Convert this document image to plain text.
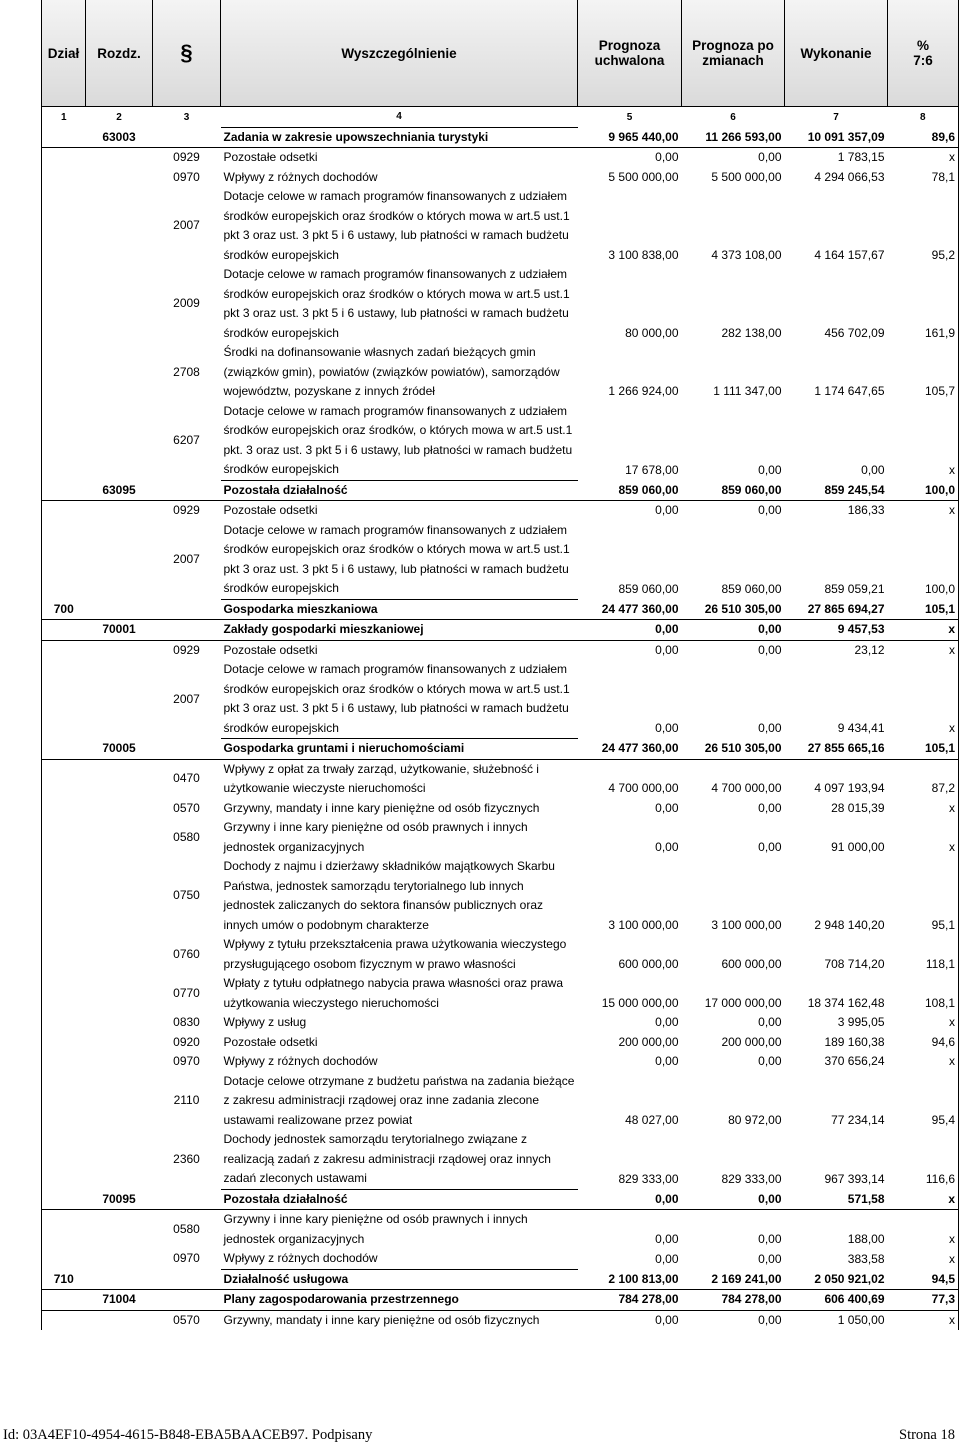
Dział	Rozdz.	§	Wyszczególnienie	Prognoza uchwalona	Prognoza po zmianach	Wykonanie	%
7:6

1	2	3	4	5	6	7	8
	63003		Zadania w zakresie upowszechniania turystyki	9 965 440,00	11 266 593,00	10 091 357,09	89,6
		0929	Pozostałe odsetki	0,00	0,00	1 783,15	x
		0970	Wpływy z różnych dochodów	5 500 000,00	5 500 000,00	4 294 066,53	78,1
		2007	Dotacje celowe w ramach programów finansowanych z udziałem środków europejskich oraz środków o których mowa w art.5 ust.1 pkt 3 oraz ust. 3 pkt 5 i 6 ustawy, lub płatności w ramach budżetu środków europejskich	3 100 838,00	4 373 108,00	4 164 157,67	95,2
		2009	Dotacje celowe w ramach programów finansowanych z udziałem środków europejskich oraz środków o których mowa w art.5 ust.1 pkt 3 oraz ust. 3 pkt 5 i 6 ustawy, lub płatności w ramach budżetu środków europejskich	80 000,00	282 138,00	456 702,09	161,9
		2708	Środki na dofinansowanie własnych zadań bieżących gmin (związków gmin), powiatów (związków powiatów), samorządów województw, pozyskane z innych źródeł	1 266 924,00	1 111 347,00	1 174 647,65	105,7
		6207	Dotacje celowe w ramach programów finansowanych z udziałem środków europejskich oraz środków, o których mowa w art.5 ust.1 pkt. 3 oraz ust. 3 pkt 5 i 6 ustawy, lub płatności w ramach budżetu środków europejskich	17 678,00	0,00	0,00	x
	63095		Pozostała działalność	859 060,00	859 060,00	859 245,54	100,0
		0929	Pozostałe odsetki	0,00	0,00	186,33	x
		2007	Dotacje celowe w ramach programów finansowanych z udziałem środków europejskich oraz środków o których mowa w art.5 ust.1 pkt 3 oraz ust. 3 pkt 5 i 6 ustawy, lub płatności w ramach budżetu środków europejskich	859 060,00	859 060,00	859 059,21	100,0
700			Gospodarka mieszkaniowa	24 477 360,00	26 510 305,00	27 865 694,27	105,1
	70001		Zakłady gospodarki mieszkaniowej	0,00	0,00	9 457,53	x
		0929	Pozostałe odsetki	0,00	0,00	23,12	x
		2007	Dotacje celowe w ramach programów finansowanych z udziałem środków europejskich oraz środków o których mowa w art.5 ust.1 pkt 3 oraz ust. 3 pkt 5 i 6 ustawy, lub płatności w ramach budżetu środków europejskich	0,00	0,00	9 434,41	x
	70005		Gospodarka gruntami i nieruchomościami	24 477 360,00	26 510 305,00	27 855 665,16	105,1
		0470	Wpływy z opłat za trwały zarząd, użytkowanie, służebność i użytkowanie wieczyste nieruchomości	4 700 000,00	4 700 000,00	4 097 193,94	87,2
		0570	Grzywny, mandaty i inne kary pieniężne od osób fizycznych	0,00	0,00	28 015,39	x
		0580	Grzywny i inne kary pieniężne od osób prawnych i innych jednostek organizacyjnych	0,00	0,00	91 000,00	x
		0750	Dochody z najmu i dzierżawy składników majątkowych Skarbu Państwa, jednostek samorządu terytorialnego lub innych jednostek zaliczanych do sektora finansów publicznych oraz innych umów o podobnym charakterze	3 100 000,00	3 100 000,00	2 948 140,20	95,1
		0760	Wpływy z tytułu przekształcenia prawa użytkowania wieczystego przysługującego osobom fizycznym w prawo własności	600 000,00	600 000,00	708 714,20	118,1
		0770	Wpłaty z tytułu odpłatnego nabycia prawa własności oraz prawa użytkowania wieczystego nieruchomości	15 000 000,00	17 000 000,00	18 374 162,48	108,1
		0830	Wpływy z usług	0,00	0,00	3 995,05	x
		0920	Pozostałe odsetki	200 000,00	200 000,00	189 160,38	94,6
		0970	Wpływy z różnych dochodów	0,00	0,00	370 656,24	x
		2110	Dotacje celowe otrzymane z budżetu państwa na zadania bieżące z zakresu administracji rządowej oraz inne zadania zlecone ustawami realizowane przez powiat	48 027,00	80 972,00	77 234,14	95,4
		2360	Dochody jednostek samorządu terytorialnego związane z realizacją zadań z zakresu administracji rządowej oraz innych zadań zleconych ustawami	829 333,00	829 333,00	967 393,14	116,6
	70095		Pozostała działalność	0,00	0,00	571,58	x
		0580	Grzywny i inne kary pieniężne od osób prawnych i innych jednostek organizacyjnych	0,00	0,00	188,00	x
		0970	Wpływy z różnych dochodów	0,00	0,00	383,58	x
710			Działalność usługowa	2 100 813,00	2 169 241,00	2 050 921,02	94,5
	71004		Plany zagospodarowania przestrzennego	784 278,00	784 278,00	606 400,69	77,3
		0570	Grzywny, mandaty i inne kary pieniężne od osób fizycznych	0,00	0,00	1 050,00	x
Id: 03A4EF10-4954-4615-B848-EBA5BAACEB97. Podpisany	Strona 18
